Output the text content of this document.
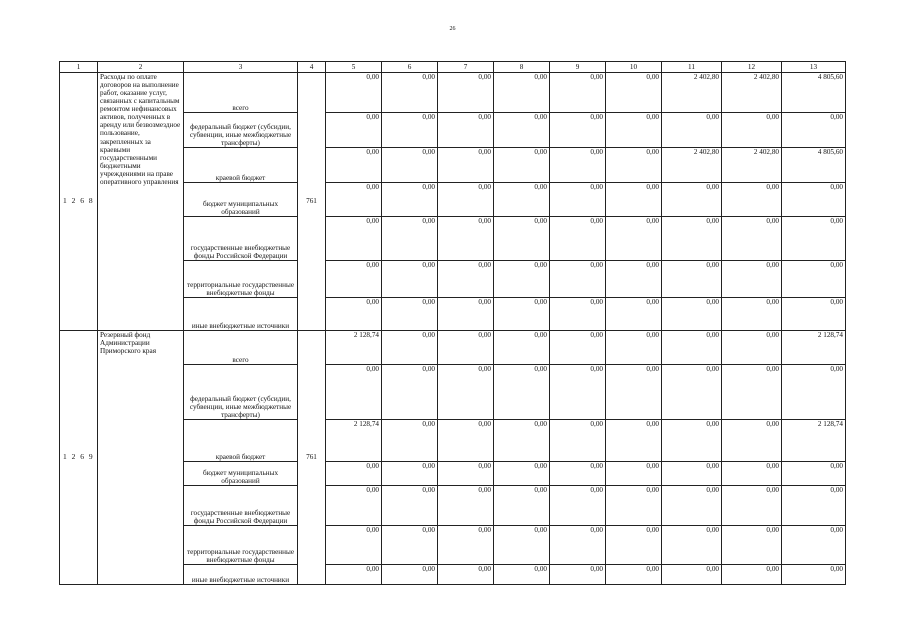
26
1	2	3	4	5	6	7	8	9	10	11	12	13
1 2 6 8	Расходы по оплате договоров на выполнение работ, оказание услуг, связанных с капитальным ремонтом нефинансовых активов, полученных в аренду или безвозмездное пользование, закрепленных за краевыми государственными бюджетными учреждениями на праве оперативного управления	всего	761	0,00	0,00	0,00	0,00	0,00	0,00	2 402,80	2 402,80	4 805,60
		федеральный бюджет (субсидии, субвенции, иные межбюджетные трансферты)		0,00	0,00	0,00	0,00	0,00	0,00	0,00	0,00	0,00
		краевой бюджет		0,00	0,00	0,00	0,00	0,00	0,00	2 402,80	2 402,80	4 805,60
		бюджет муниципальных образований		0,00	0,00	0,00	0,00	0,00	0,00	0,00	0,00	0,00
		государственные внебюджетные фонды Российской Федерации		0,00	0,00	0,00	0,00	0,00	0,00	0,00	0,00	0,00
		территориальные государственные внебюджетные фонды		0,00	0,00	0,00	0,00	0,00	0,00	0,00	0,00	0,00
		иные внебюджетные источники		0,00	0,00	0,00	0,00	0,00	0,00	0,00	0,00	0,00
1 2 6 9	Резервный фонд Администрации Приморского края	всего	761	2 128,74	0,00	0,00	0,00	0,00	0,00	0,00	0,00	2 128,74
		федеральный бюджет (субсидии, субвенции, иные межбюджетные трансферты)		0,00	0,00	0,00	0,00	0,00	0,00	0,00	0,00	0,00
		краевой бюджет		2 128,74	0,00	0,00	0,00	0,00	0,00	0,00	0,00	2 128,74
		бюджет муниципальных образований		0,00	0,00	0,00	0,00	0,00	0,00	0,00	0,00	0,00
		государственные внебюджетные фонды Российской Федерации		0,00	0,00	0,00	0,00	0,00	0,00	0,00	0,00	0,00
		территориальные государственные внебюджетные фонды		0,00	0,00	0,00	0,00	0,00	0,00	0,00	0,00	0,00
		иные внебюджетные источники		0,00	0,00	0,00	0,00	0,00	0,00	0,00	0,00	0,00
